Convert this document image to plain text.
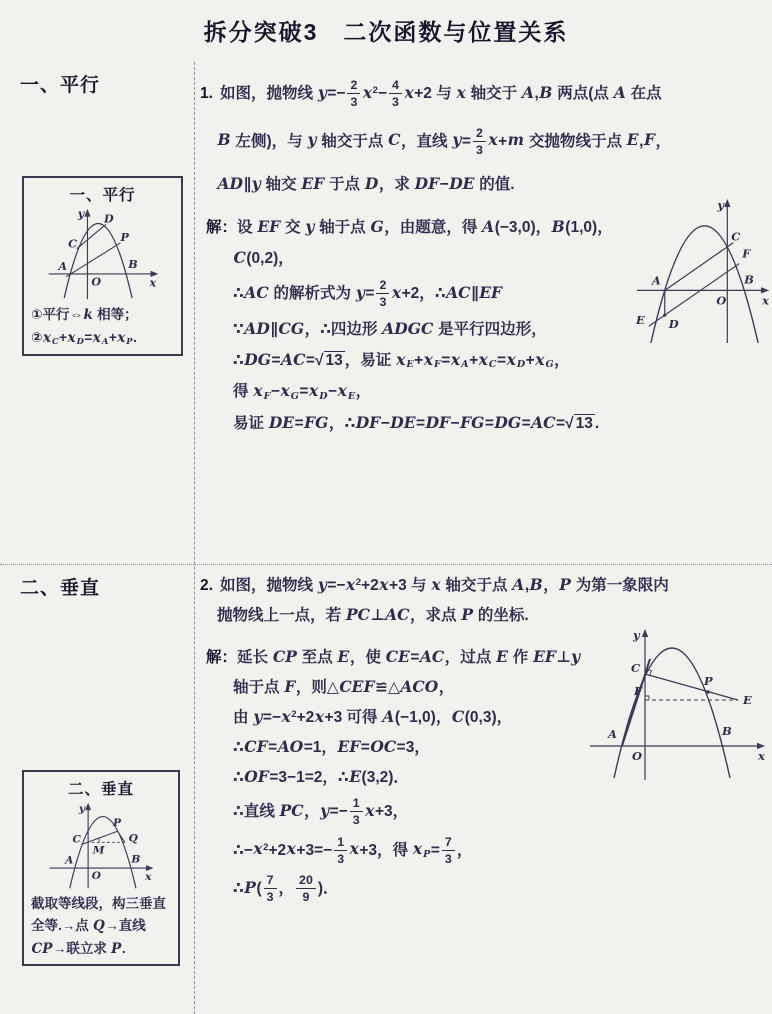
拆分突破3　二次函数与位置关系
一、平行
一、平行
y
C
D
P
A	B
O	x
①平行⇔k 相等；
$②x_C+x_D=x_A+x_P$.
二、垂直
二、垂直
y
C
P
Q
M
A	B
O	x
截取等线段，构三垂直
全等.→点 Q→直线
CP→联立求 P.
1. 如图，抛物线 $y=- \frac{2}{3} x^2- \frac{4}{3} x+2$ 与 x 轴交于 A,B 两点(点 A 在点
B 左侧)，与 y 轴交于点 C，直线 $y= \frac{2}{3} x+m$ 交抛物线于点 E,F，
AD∥y 轴交 EF 于点 D，求 DF−DE 的值.
y
C
F
A	B
O	x
E D
解：设 EF 交 y 轴于点 G，由题意，得 A(−3,0)，B(1,0)，
C(0,2)，
∴AC 的解析式为 $y= \frac{2}{3} x+2$，∴AC∥EF
∵AD∥CG，∴四边形 ADGC 是平行四边形，
∴DG=AC=√ 13 ，易证 $x_E+x_F=x_A+x_C=x_D+x_G$，
得 $x_F-x_G=x_D-x_E$，
易证 DE=FG，∴DF−DE=DF−FG=DG=AC=√ 13 .
2. 如图，抛物线 $y=-x^2+2x+3$ 与 x 轴交于点 A,B，P 为第一象限内
抛物线上一点，若 PC⊥AC，求点 P 的坐标.
y
C
F
P
E
A	B
O	x
解：延长 CP 至点 E，使 CE=AC，过点 E 作 EF⊥y
轴于点 F，则△CEF≌△ACO，
由 $y=-x^2+2x+3$ 可得 A(−1,0)，C(0,3)，
∴CF=AO=1，EF=OC=3，
∴OF=3−1=2，∴E(3,2)．
∴直线 PC，$y=- \frac{1}{3} x+3$，
$\therefore-x^2+2x+3=- \frac{1}{3} x+3$，得 $x_P= \frac{7}{3}$ ，
∴P( $\frac{7}{3}$ ， $\frac{20}{9}$ )．
